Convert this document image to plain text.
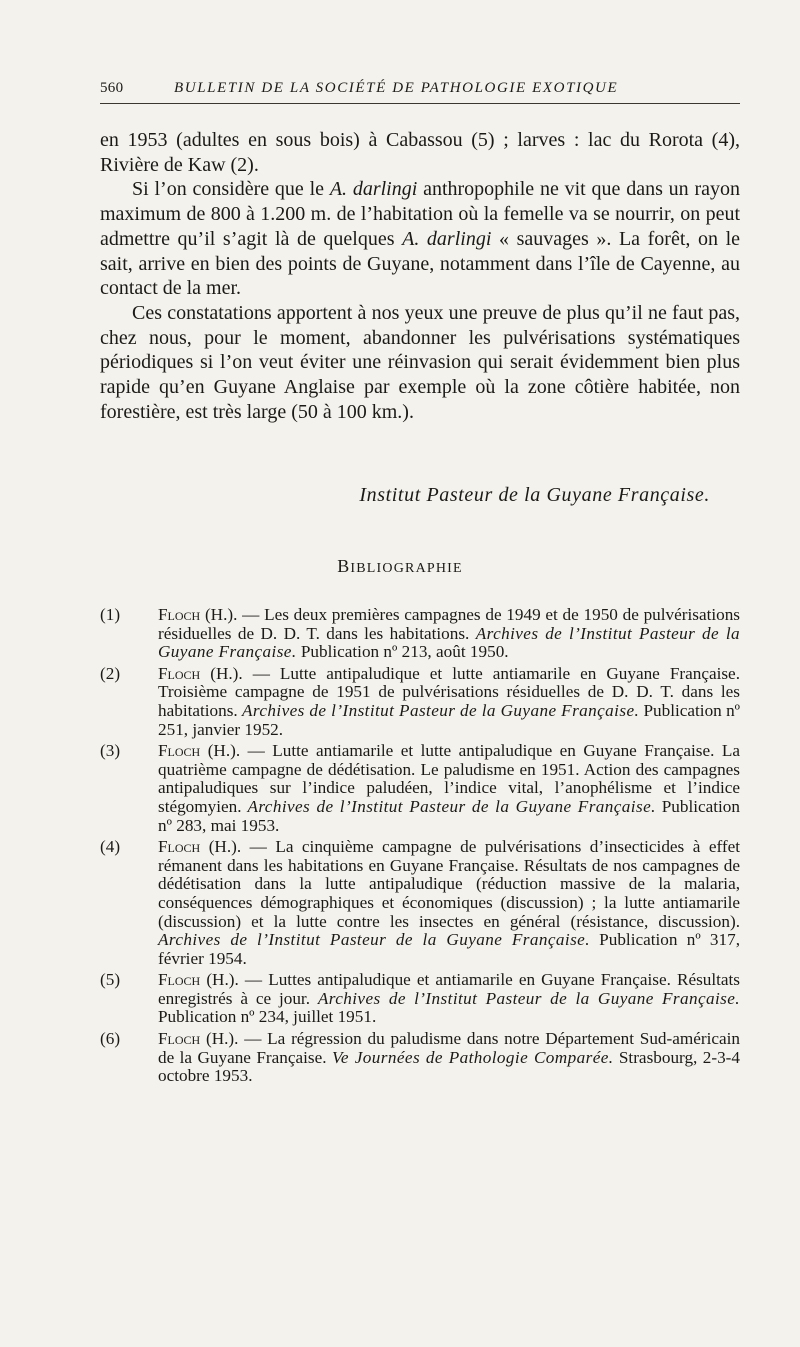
560	BULLETIN DE LA SOCIÉTÉ DE PATHOLOGIE EXOTIQUE

en 1953 (adultes en sous bois) à Cabassou (5) ; larves : lac du Rorota (4), Rivière de Kaw (2).

Si l’on considère que le A. darlingi anthropophile ne vit que dans un rayon maximum de 800 à 1.200 m. de l’habitation où la femelle va se nourrir, on peut admettre qu’il s’agit là de quelques A. darlingi « sauvages ». La forêt, on le sait, arrive en bien des points de Guyane, notamment dans l’île de Cayenne, au contact de la mer.

Ces constatations apportent à nos yeux une preuve de plus qu’il ne faut pas, chez nous, pour le moment, abandonner les pulvérisations systématiques périodiques si l’on veut éviter une réinvasion qui serait évidemment bien plus rapide qu’en Guyane Anglaise par exemple où la zone côtière habitée, non forestière, est très large (50 à 100 km.).

Institut Pasteur de la Guyane Française.
BIBLIOGRAPHIE
(1) Floch (H.). — Les deux premières campagnes de 1949 et de 1950 de pulvérisations résiduelles de D. D. T. dans les habitations. Archives de l’Institut Pasteur de la Guyane Française. Publication nº 213, août 1950.
(2) Floch (H.). — Lutte antipaludique et lutte antiamarile en Guyane Française. Troisième campagne de 1951 de pulvérisations résiduelles de D. D. T. dans les habitations. Archives de l’Institut Pasteur de la Guyane Française. Publication nº 251, janvier 1952.
(3) Floch (H.). — Lutte antiamarile et lutte antipaludique en Guyane Française. La quatrième campagne de dédétisation. Le paludisme en 1951. Action des campagnes antipaludiques sur l’indice paludéen, l’indice vital, l’anophélisme et l’indice stégomyien. Archives de l’Institut Pasteur de la Guyane Française. Publication nº 283, mai 1953.
(4) Floch (H.). — La cinquième campagne de pulvérisations d’insecticides à effet rémanent dans les habitations en Guyane Française. Résultats de nos campagnes de dédétisation dans la lutte antipaludique (réduction massive de la malaria, conséquences démographiques et économiques (discussion) ; la lutte antiamarile (discussion) et la lutte contre les insectes en général (résistance, discussion). Archives de l’Institut Pasteur de la Guyane Française. Publication nº 317, février 1954.
(5) Floch (H.). — Luttes antipaludique et antiamarile en Guyane Française. Résultats enregistrés à ce jour. Archives de l’Institut Pasteur de la Guyane Française. Publication nº 234, juillet 1951.
(6) Floch (H.). — La régression du paludisme dans notre Département Sud-américain de la Guyane Française. Ve Journées de Pathologie Comparée. Strasbourg, 2-3-4 octobre 1953.
